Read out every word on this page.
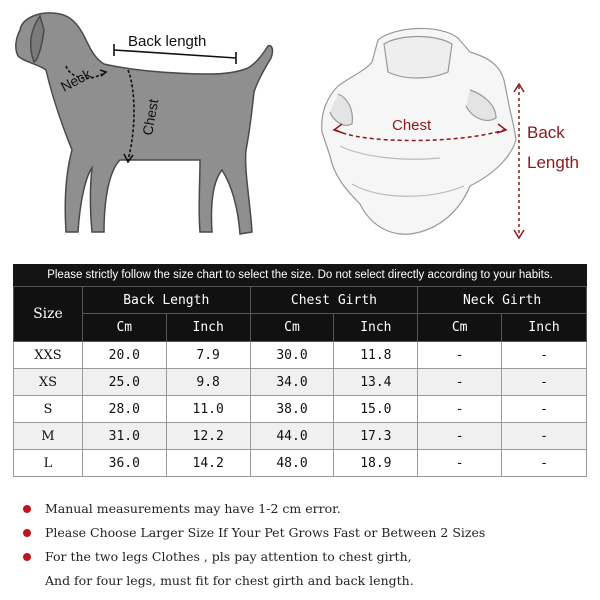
Back length
Neck
Chest	Chest	Back
Length
Please strictly follow the size chart to select the size. Do not select directly according to your habits.
Size	Back Length		Chest Girth		Neck Girth	
	Cm	Inch	Cm	Inch	Cm	Inch
XXS	20.0	7.9	30.0	11.8	-	-
XS	25.0	9.8	34.0	13.4	-	-
S	28.0	11.0	38.0	15.0	-	-
M	31.0	12.2	44.0	17.3	-	-
L	36.0	14.2	48.0	18.9	-	-
Manual measurements may have 1-2 cm error.
Please Choose Larger Size If Your Pet Grows Fast or Between 2 Sizes
For the two legs Clothes , pls pay attention to chest girth,
And for four legs, must fit for chest girth and back length.
